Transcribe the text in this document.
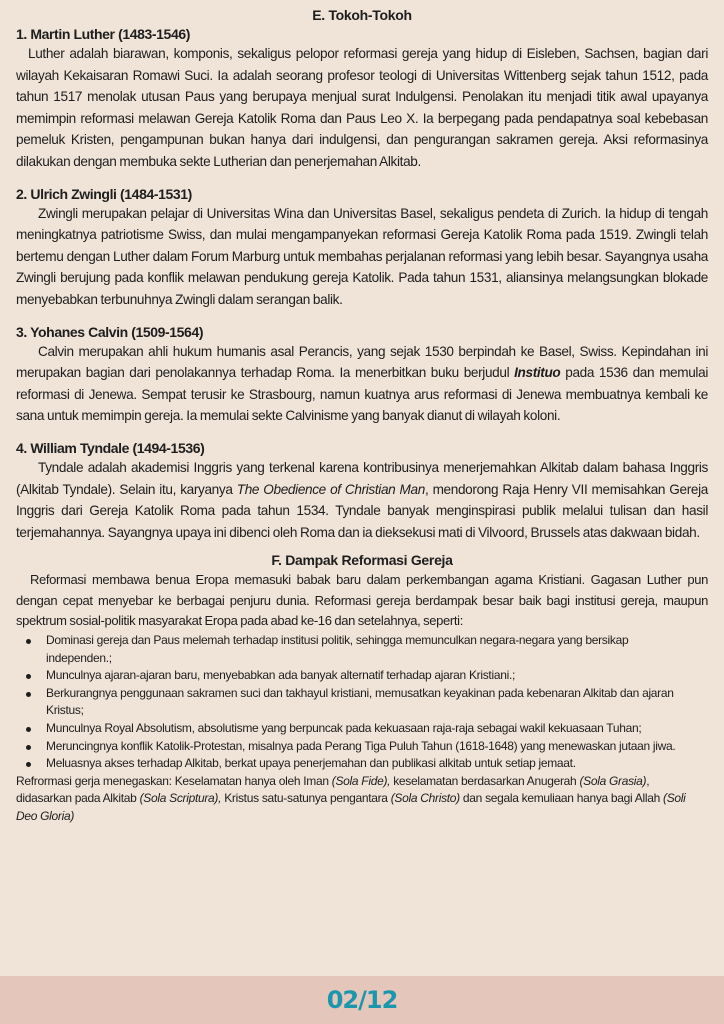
E. Tokoh-Tokoh
1. Martin Luther (1483-1546)

Luther adalah biarawan, komponis, sekaligus pelopor reformasi gereja yang hidup di Eisleben, Sachsen, bagian dari wilayah Kekaisaran Romawi Suci. Ia adalah seorang profesor teologi di Universitas Wittenberg sejak tahun 1512, pada tahun 1517 menolak utusan Paus yang berupaya menjual surat Indulgensi. Penolakan itu menjadi titik awal upayanya memimpin reformasi melawan Gereja Katolik Roma dan Paus Leo X. Ia berpegang pada pendapatnya soal kebebasan pemeluk Kristen, pengampunan bukan hanya dari indulgensi, dan pengurangan sakramen gereja. Aksi reformasinya dilakukan dengan membuka sekte Lutherian dan penerjemahan Alkitab.

2. Ulrich Zwingli (1484-1531)

Zwingli merupakan pelajar di Universitas Wina dan Universitas Basel, sekaligus pendeta di Zurich. Ia hidup di tengah meningkatnya patriotisme Swiss, dan mulai mengampanyekan reformasi Gereja Katolik Roma pada 1519. Zwingli telah bertemu dengan Luther dalam Forum Marburg untuk membahas perjalanan reformasi yang lebih besar. Sayangnya usaha Zwingli berujung pada konflik melawan pendukung gereja Katolik. Pada tahun 1531, aliansinya melangsungkan blokade menyebabkan terbunuhnya Zwingli dalam serangan balik.

3. Yohanes Calvin (1509-1564)

Calvin merupakan ahli hukum humanis asal Perancis, yang sejak 1530 berpindah ke Basel, Swiss. Kepindahan ini merupakan bagian dari penolakannya terhadap Roma. Ia menerbitkan buku berjudul Instituo pada 1536 dan memulai reformasi di Jenewa. Sempat terusir ke Strasbourg, namun kuatnya arus reformasi di Jenewa membuatnya kembali ke sana untuk memimpin gereja. Ia memulai sekte Calvinisme yang banyak dianut di wilayah koloni.

4. William Tyndale (1494-1536)

Tyndale adalah akademisi Inggris yang terkenal karena kontribusinya menerjemahkan Alkitab dalam bahasa Inggris (Alkitab Tyndale). Selain itu, karyanya The Obedience of Christian Man, mendorong Raja Henry VII memisahkan Gereja Inggris dari Gereja Katolik Roma pada tahun 1534. Tyndale banyak menginspirasi publik melalui tulisan dan hasil terjemahannya. Sayangnya upaya ini dibenci oleh Roma dan ia dieksekusi mati di Vilvoord, Brussels atas dakwaan bidah.

F. Dampak Reformasi Gereja

Reformasi membawa benua Eropa memasuki babak baru dalam perkembangan agama Kristiani. Gagasan Luther pun dengan cepat menyebar ke berbagai penjuru dunia. Reformasi gereja berdampak besar baik bagi institusi gereja, maupun spektrum sosial-politik masyarakat Eropa pada abad ke-16 dan setelahnya, seperti:

Dominasi gereja dan Paus melemah terhadap institusi politik, sehingga memunculkan negara-negara yang bersikap independen.;
Munculnya ajaran-ajaran baru, menyebabkan ada banyak alternatif terhadap ajaran Kristiani.;
Berkurangnya penggunaan sakramen suci dan takhayul kristiani, memusatkan keyakinan pada kebenaran Alkitab dan ajaran Kristus;
Munculnya Royal Absolutism, absolutisme yang berpuncak pada kekuasaan raja-raja sebagai wakil kekuasaan Tuhan;
Meruncingnya konflik Katolik-Protestan, misalnya pada Perang Tiga Puluh Tahun (1618-1648) yang menewaskan jutaan jiwa.
Meluasnya akses terhadap Alkitab, berkat upaya penerjemahan dan publikasi alkitab untuk setiap jemaat.

Refrormasi gerja menegaskan: Keselamatan hanya oleh Iman (Sola Fide), keselamatan berdasarkan Anugerah (Sola Grasia), didasarkan pada Alkitab (Sola Scriptura), Kristus satu-satunya pengantara (Sola Christo) dan segala kemuliaan hanya bagi Allah (Soli Deo Gloria)

02/12
